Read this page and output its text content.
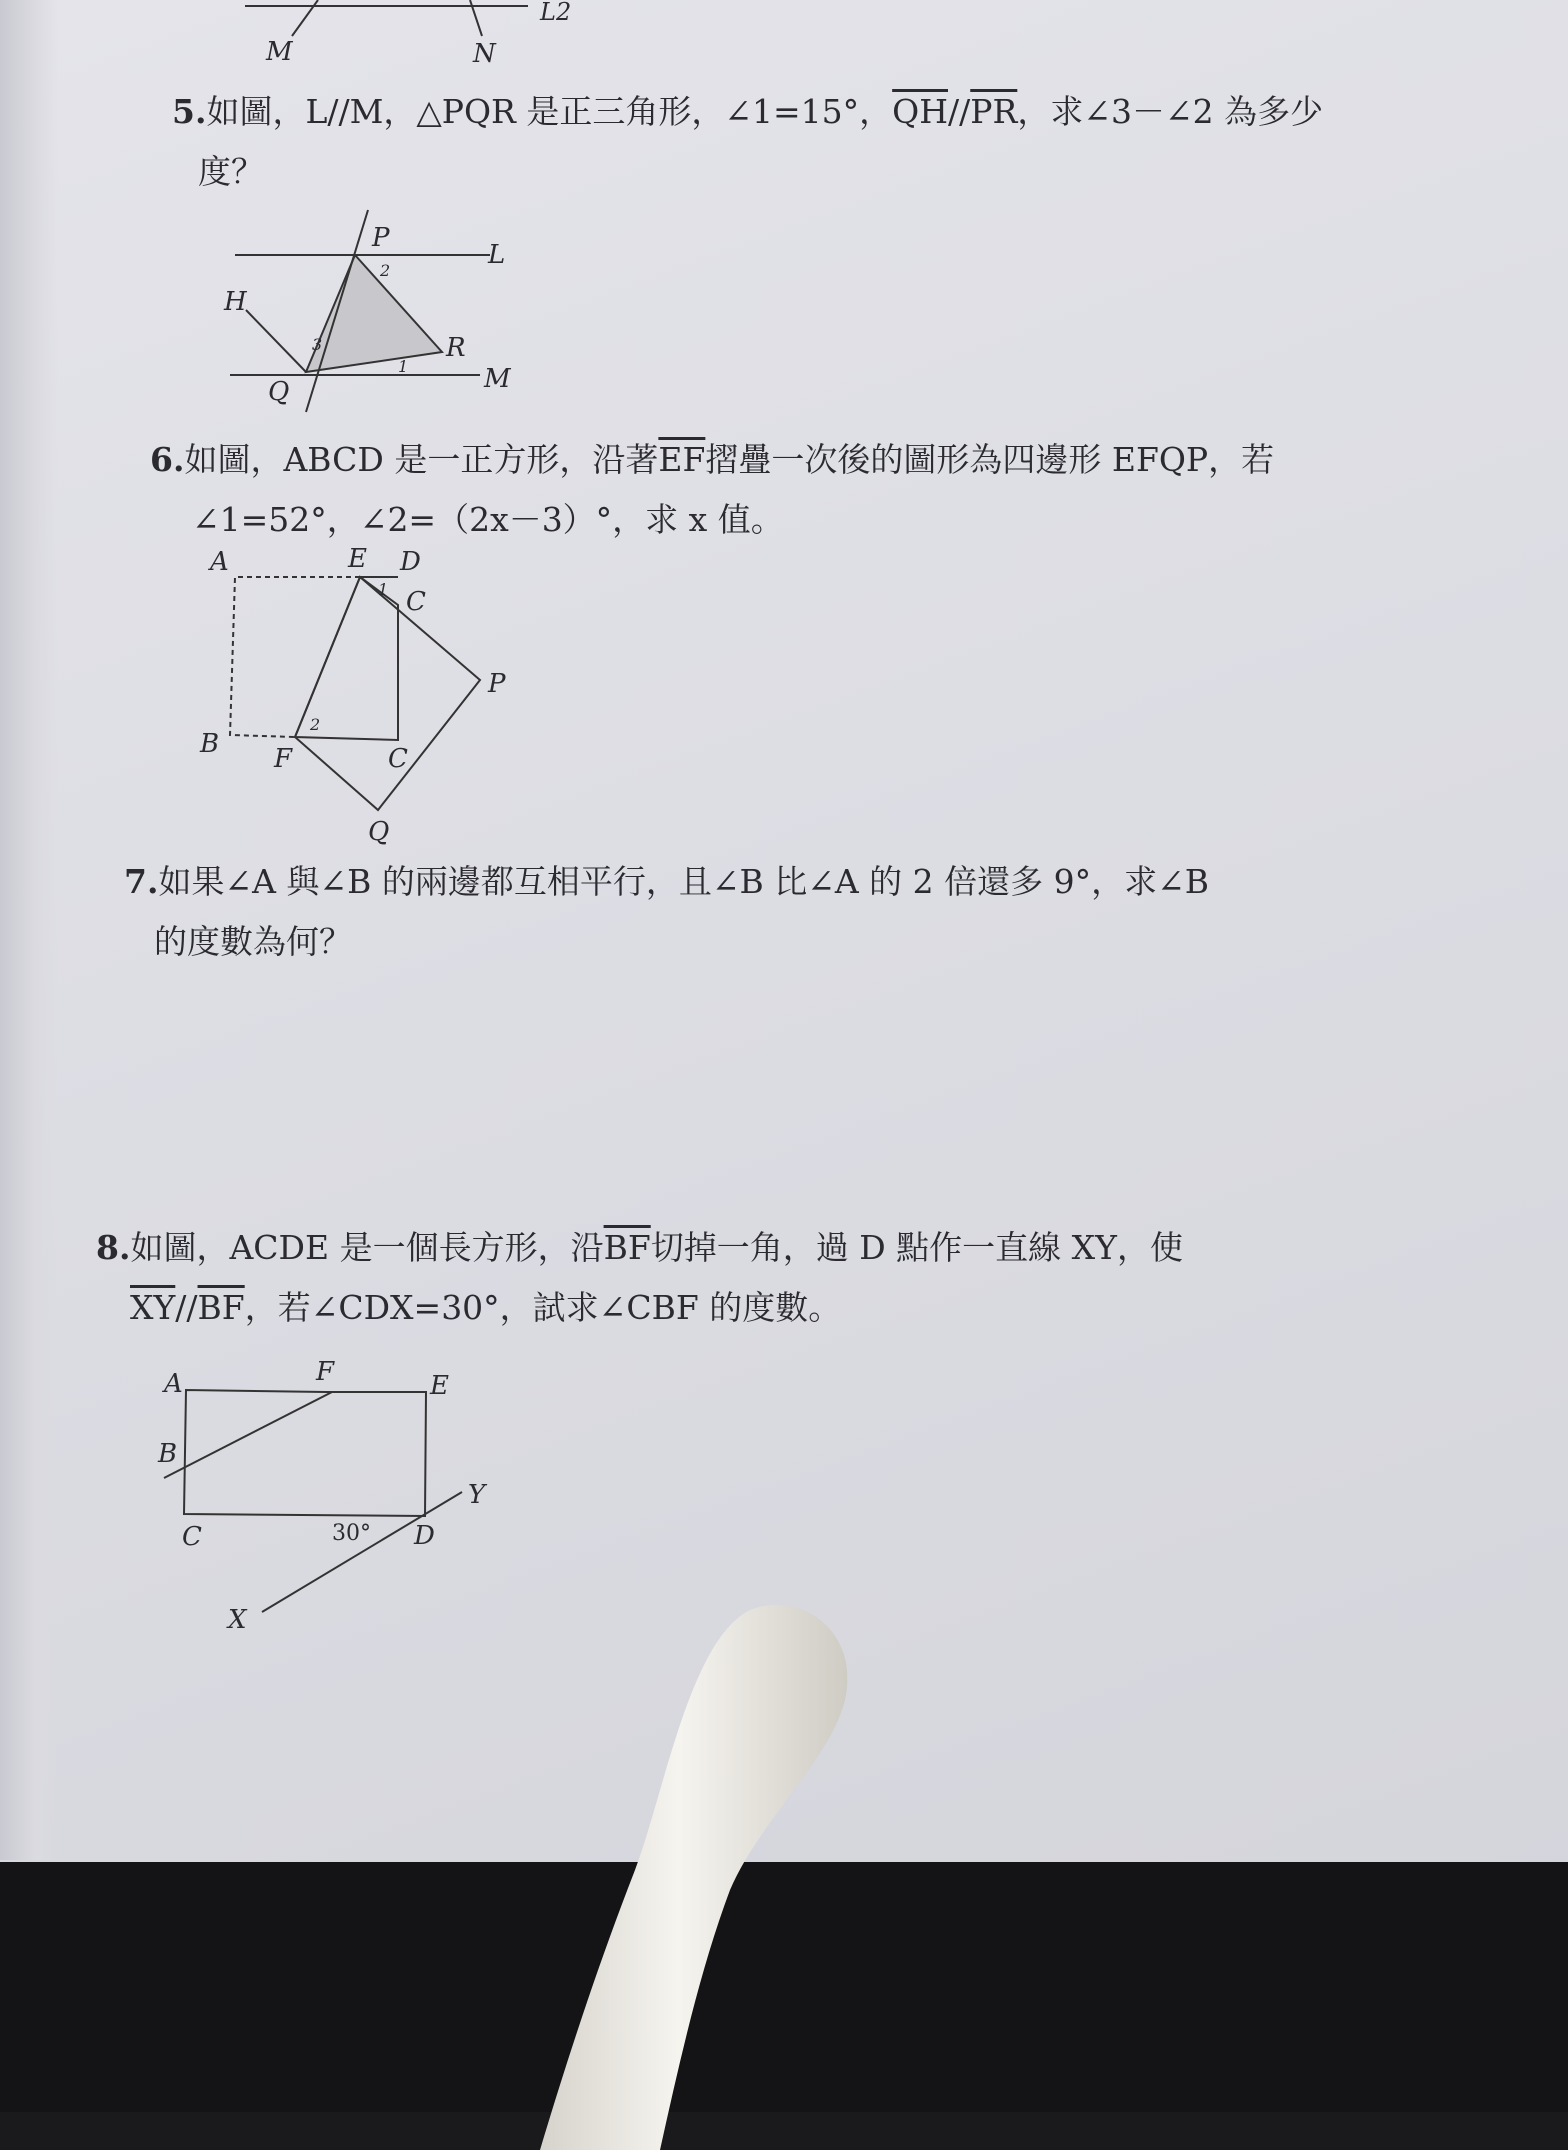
M	N
L2
5.如圖，L//M，△PQR 是正三角形，∠1=15°，$\overline{QH}//\overline{PR}$，求∠3－∠2 為多少
度？
P
2
L
H
3	R
Q
1	M
6.如圖，ABCD 是一正方形，沿著$\overline{EF}$摺疊一次後的圖形為四邊形 EFQP，若
∠1=52°，∠2=（2x－3）°，求 x 值。
A	E D
1 C
P
B
2
F	C
Q
7.如果∠A 與∠B 的兩邊都互相平行，且∠B 比∠A 的 2 倍還多 9°，求∠B
的度數為何？
8.如圖，ACDE 是一個長方形，沿$\overline{BF}$切掉一角，過 D 點作一直線 XY，使
$\overline{XY}//\overline{BF}$，若∠CDX=30°，試求∠CBF 的度數。
A	F	E
B
Y
C	30° D
X
